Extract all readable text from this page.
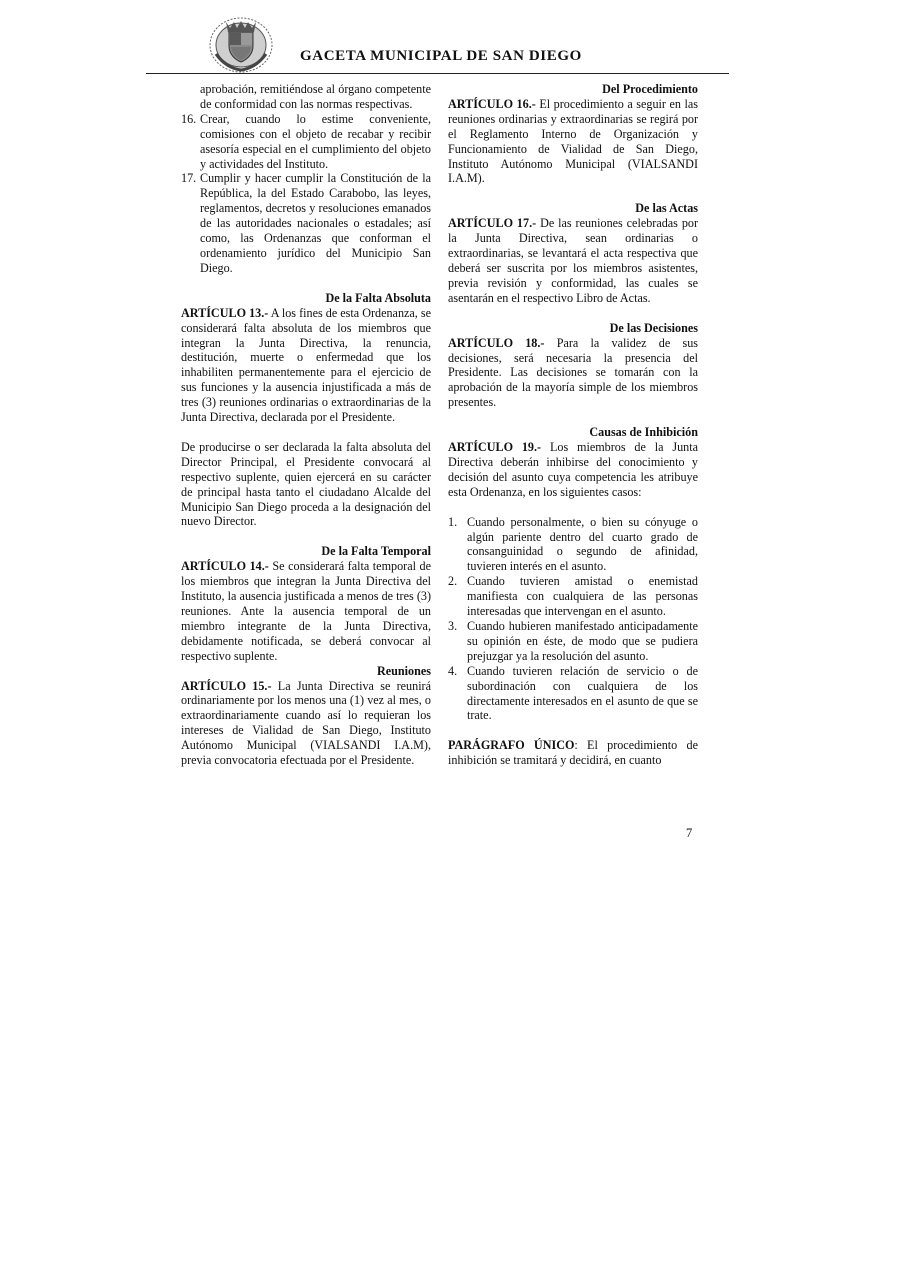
GACETA MUNICIPAL DE SAN DIEGO

aprobación, remitiéndose al órgano competente de conformidad con las normas respectivas.

16. Crear, cuando lo estime conveniente, comisiones con el objeto de recabar y recibir asesoría especial en el cumplimiento del objeto y actividades del Instituto.
17. Cumplir y hacer cumplir la Constitución de la República, la del Estado Carabobo, las leyes, reglamentos, decretos y resoluciones emanados de las autoridades nacionales o estadales; así como, las Ordenanzas que conforman el ordenamiento jurídico del Municipio San Diego.

De la Falta Absoluta

ARTÍCULO 13.- A los fines de esta Ordenanza, se considerará falta absoluta de los miembros que integran la Junta Directiva, la renuncia, destitución, muerte o enfermedad que los inhabiliten permanentemente para el ejercicio de sus funciones y la ausencia injustificada a más de tres (3) reuniones ordinarias o extraordinarias de la Junta Directiva, declarada por el Presidente.

De producirse o ser declarada la falta absoluta del Director Principal, el Presidente convocará al respectivo suplente, quien ejercerá en su carácter de principal hasta tanto el ciudadano Alcalde del Municipio San Diego proceda a la designación del nuevo Director.

De la Falta Temporal

ARTÍCULO 14.- Se considerará falta temporal de los miembros que integran la Junta Directiva del Instituto, la ausencia justificada a menos de tres (3) reuniones. Ante la ausencia temporal de un miembro integrante de la Junta Directiva, debidamente notificada, se deberá convocar al respectivo suplente.

Reuniones

ARTÍCULO 15.- La Junta Directiva se reunirá ordinariamente por los menos una (1) vez al mes, o extraordinariamente cuando así lo requieran los intereses de Vialidad de San Diego, Instituto Autónomo Municipal (VIALSANDI I.A.M), previa convocatoria efectuada por el Presidente.

Del Procedimiento

ARTÍCULO 16.- El procedimiento a seguir en las reuniones ordinarias y extraordinarias se regirá por el Reglamento Interno de Organización y Funcionamiento de Vialidad de San Diego, Instituto Autónomo Municipal (VIALSANDI I.A.M).

De las Actas

ARTÍCULO 17.- De las reuniones celebradas por la Junta Directiva, sean ordinarias o extraordinarias, se levantará el acta respectiva que deberá ser suscrita por los miembros asistentes, previa revisión y conformidad, las cuales se asentarán en el respectivo Libro de Actas.

De las Decisiones

ARTÍCULO 18.- Para la validez de sus decisiones, será necesaria la presencia del Presidente. Las decisiones se tomarán con la aprobación de la mayoría simple de los miembros presentes.

Causas de Inhibición

ARTÍCULO 19.- Los miembros de la Junta Directiva deberán inhibirse del conocimiento y decisión del asunto cuya competencia les atribuye esta Ordenanza, en los siguientes casos:

1. Cuando personalmente, o bien su cónyuge o algún pariente dentro del cuarto grado de consanguinidad o segundo de afinidad, tuvieren interés en el asunto.
2. Cuando tuvieren amistad o enemistad manifiesta con cualquiera de las personas interesadas que intervengan en el asunto.
3. Cuando hubieren manifestado anticipadamente su opinión en éste, de modo que se pudiera prejuzgar ya la resolución del asunto.
4. Cuando tuvieren relación de servicio o de subordinación con cualquiera de los directamente interesados en el asunto de que se trate.

PARÁGRAFO ÚNICO: El procedimiento de inhibición se tramitará y decidirá, en cuanto

7
